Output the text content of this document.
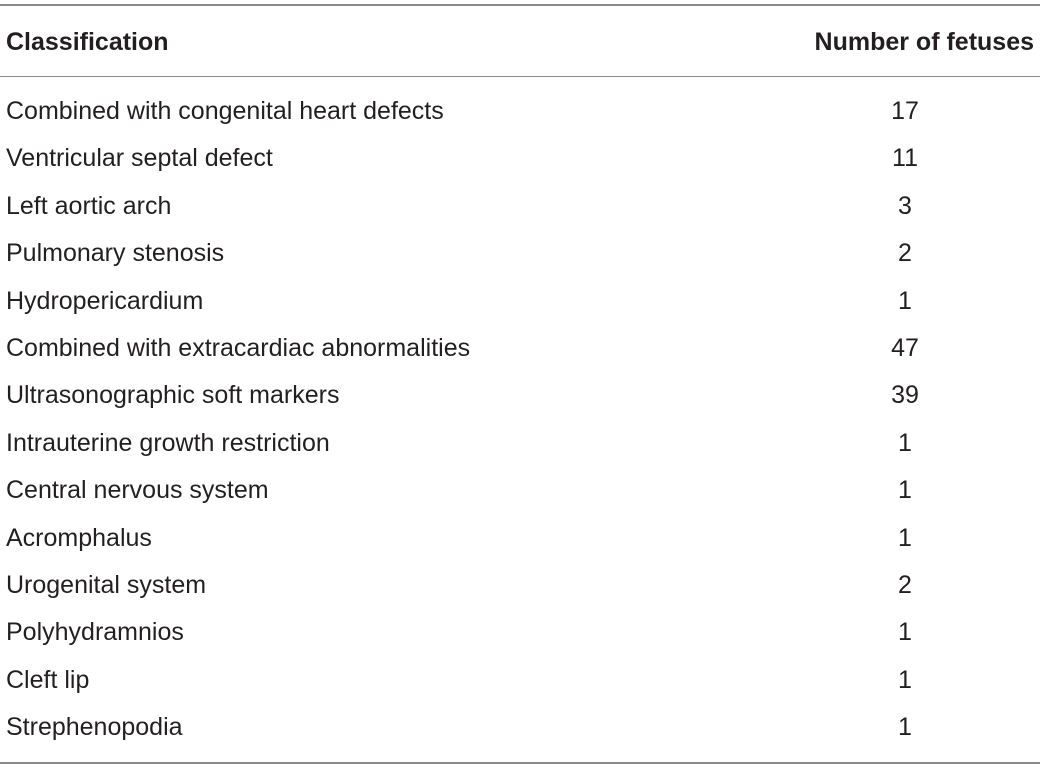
Classification	Number of fetuses
Combined with congenital heart defects	17
Ventricular septal defect	11
Left aortic arch	3
Pulmonary stenosis	2
Hydropericardium	1
Combined with extracardiac abnormalities	47
Ultrasonographic soft markers	39
Intrauterine growth restriction	1
Central nervous system	1
Acromphalus	1
Urogenital system	2
Polyhydramnios	1
Cleft lip	1
Strephenopodia	1
